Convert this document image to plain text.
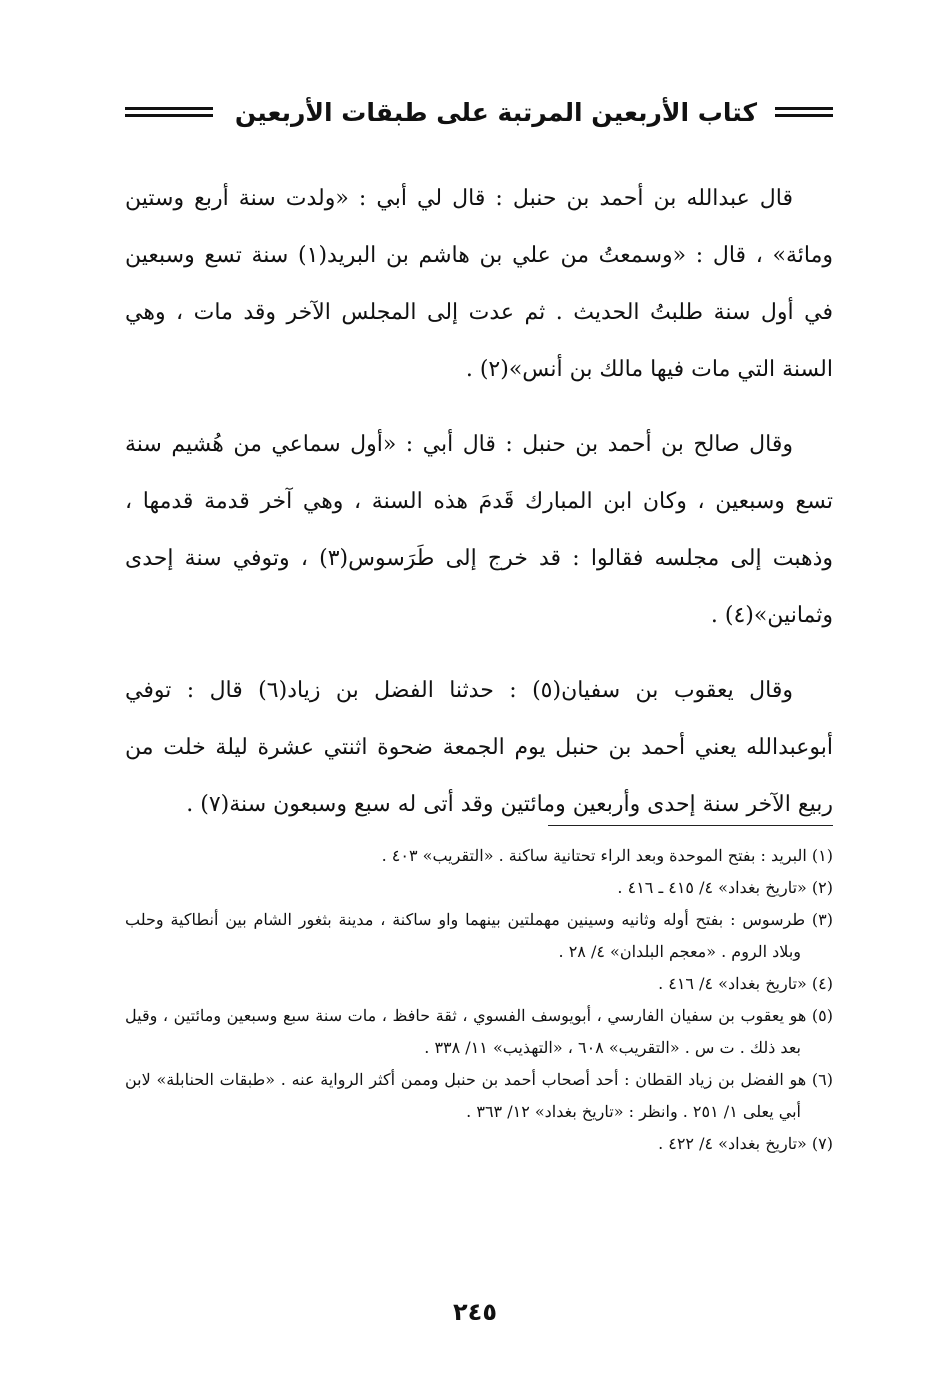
كتاب الأربعين المرتبة على طبقات الأربعين

قال عبدالله بن أحمد بن حنبل : قال لي أبي : «ولدت سنة أربع وستين ومائة» ، قال : «وسمعتُ من علي بن هاشم بن البريد(١) سنة تسع وسبعين في أول سنة طلبتُ الحديث . ثم عدت إلى المجلس الآخر وقد مات ، وهي السنة التي مات فيها مالك بن أنس»(٢) .

وقال صالح بن أحمد بن حنبل : قال أبي : «أول سماعي من هُشيم سنة تسع وسبعين ، وكان ابن المبارك قَدمَ هذه السنة ، وهي آخر قدمة قدمها ، وذهبت إلى مجلسه فقالوا : قد خرج إلى طَرَسوس(٣) ، وتوفي سنة إحدى وثمانين»(٤) .

وقال يعقوب بن سفيان(٥) : حدثنا الفضل بن زياد(٦) قال : توفي أبوعبدالله يعني أحمد بن حنبل يوم الجمعة ضحوة اثنتي عشرة ليلة خلت من ربيع الآخر سنة إحدى وأربعين ومائتين وقد أتى له سبع وسبعون سنة(٧) .

(١) البريد : بفتح الموحدة وبعد الراء تحتانية ساكنة . «التقريب» ٤٠٣ .

(٢) «تاريخ بغداد» ٤/ ٤١٥ ـ ٤١٦ .

(٣) طرسوس : بفتح أوله وثانيه وسينين مهملتين بينهما واو ساكنة ، مدينة بثغور الشام بين أنطاكية وحلب وبلاد الروم . «معجم البلدان» ٤/ ٢٨ .

(٤) «تاريخ بغداد» ٤/ ٤١٦ .

(٥) هو يعقوب بن سفيان الفارسي ، أبويوسف الفسوي ، ثقة حافظ ، مات سنة سبع وسبعين ومائتين ، وقيل بعد ذلك . ت س . «التقريب» ٦٠٨ ، «التهذيب» ١١/ ٣٣٨ .

(٦) هو الفضل بن زياد القطان : أحد أصحاب أحمد بن حنبل وممن أكثر الرواية عنه . «طبقات الحنابلة» لابن أبي يعلى ١/ ٢٥١ . وانظر : «تاريخ بغداد» ١٢/ ٣٦٣ .

(٧) «تاريخ بغداد» ٤/ ٤٢٢ .

٢٤٥
